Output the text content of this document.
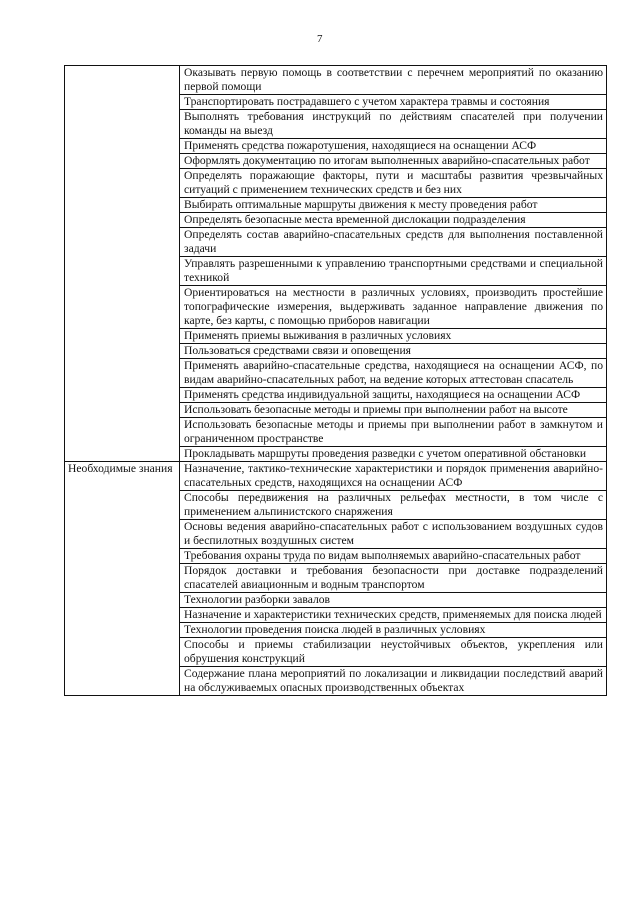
7
	Оказывать первую помощь в соответствии с перечнем мероприятий по оказанию первой помощи
	Транспортировать пострадавшего с учетом характера травмы и состояния
	Выполнять требования инструкций по действиям спасателей при получении команды на выезд
	Применять средства пожаротушения, находящиеся на оснащении АСФ
	Оформлять документацию по итогам выполненных аварийно-спасательных работ
	Определять поражающие факторы, пути и масштабы развития чрезвычайных ситуаций с применением технических средств и без них
	Выбирать оптимальные маршруты движения к месту проведения работ
	Определять безопасные места временной дислокации подразделения
	Определять состав аварийно-спасательных средств для выполнения поставленной задачи
	Управлять разрешенными к управлению транспортными средствами и специальной техникой
	Ориентироваться на местности в различных условиях, производить простейшие топографические измерения, выдерживать заданное направление движения по карте, без карты, с помощью приборов навигации
	Применять приемы выживания в различных условиях
	Пользоваться средствами связи и оповещения
	Применять аварийно-спасательные средства, находящиеся на оснащении АСФ, по видам аварийно-спасательных работ, на ведение которых аттестован спасатель
	Применять средства индивидуальной защиты, находящиеся на оснащении АСФ
	Использовать безопасные методы и приемы при выполнении работ на высоте
	Использовать безопасные методы и приемы при выполнении работ в замкнутом и ограниченном пространстве
	Прокладывать маршруты проведения разведки с учетом оперативной обстановки
Необходимые знания	Назначение, тактико-технические характеристики и порядок применения аварийно-спасательных средств, находящихся на оснащении АСФ
	Способы передвижения на различных рельефах местности, в том числе с применением альпинистского снаряжения
	Основы ведения аварийно-спасательных работ с использованием воздушных судов и беспилотных воздушных систем
	Требования охраны труда по видам выполняемых аварийно-спасательных работ
	Порядок доставки и требования безопасности при доставке подразделений спасателей авиационным и водным транспортом
	Технологии разборки завалов
	Назначение и характеристики технических средств, применяемых для поиска людей
	Технологии проведения поиска людей в различных условиях
	Способы и приемы стабилизации неустойчивых объектов, укрепления или обрушения конструкций
	Содержание плана мероприятий по локализации и ликвидации последствий аварий на обслуживаемых опасных производственных объектах
